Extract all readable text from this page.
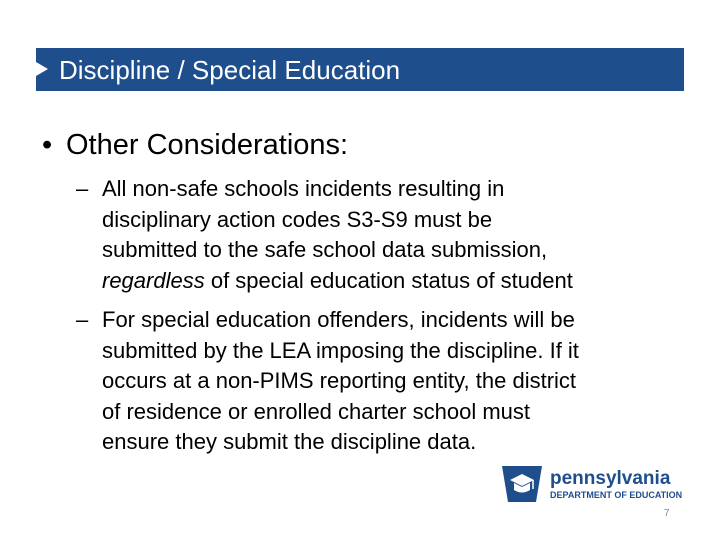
Discipline / Special Education
• Other Considerations:
– All non-safe schools incidents resulting in
disciplinary action codes S3-S9 must be
submitted to the safe school data submission,
regardless of special education status of student
– For special education offenders, incidents will be
submitted by the LEA imposing the discipline. If it
occurs at a non-PIMS reporting entity, the district
of residence or enrolled charter school must
ensure they submit the discipline data.
pennsylvania
DEPARTMENT OF EDUCATION
7
